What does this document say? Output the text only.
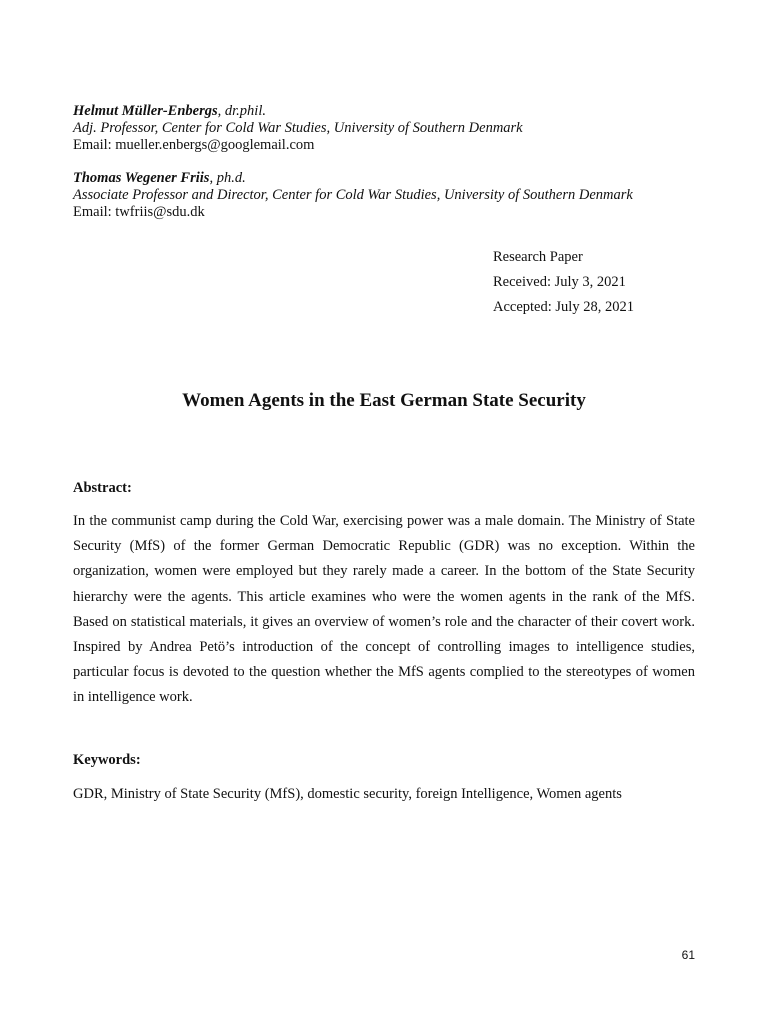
Helmut Müller-Enbergs, dr.phil.
Adj. Professor, Center for Cold War Studies, University of Southern Denmark
Email: mueller.enbergs@googlemail.com
Thomas Wegener Friis, ph.d.
Associate Professor and Director, Center for Cold War Studies, University of Southern Denmark
Email: twfriis@sdu.dk
Research Paper
Received: July 3, 2021
Accepted: July 28, 2021
Women Agents in the East German State Security
Abstract:
In the communist camp during the Cold War, exercising power was a male domain. The Ministry of State Security (MfS) of the former German Democratic Republic (GDR) was no exception. Within the organization, women were employed but they rarely made a career. In the bottom of the State Security hierarchy were the agents. This article examines who were the women agents in the rank of the MfS. Based on statistical materials, it gives an overview of women’s role and the character of their covert work. Inspired by Andrea Petö’s introduction of the concept of controlling images to intelligence studies, particular focus is devoted to the question whether the MfS agents complied to the stereotypes of women in intelligence work.
Keywords:
GDR, Ministry of State Security (MfS), domestic security, foreign Intelligence, Women agents
61
